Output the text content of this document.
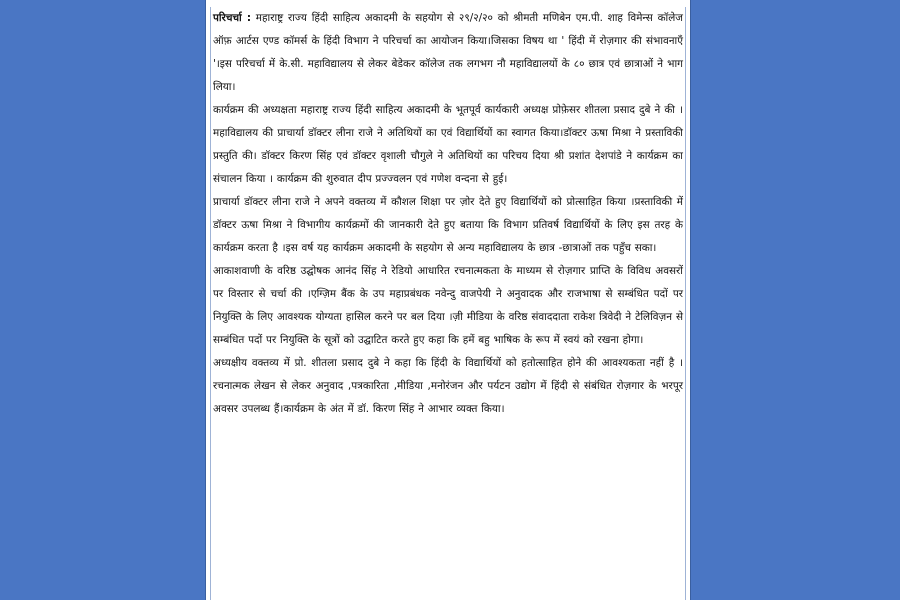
परिचर्चा : महाराष्ट्र राज्य हिंदी साहित्य अकादमी के सहयोग से २९/२/२० को श्रीमती मणिबेन एम.पी. शाह विमेन्स कॉलेज ऑफ़ आर्टस एण्ड कॉमर्स के हिंदी विभाग ने परिचर्चा का आयोजन किया।जिसका विषय था ' हिंदी में रोज़गार की संभावनाएँ '।इस परिचर्चा में के.सी. महाविद्यालय से लेकर बेडेकर कॉलेज तक लगभग नौ महाविद्यालयों के ८० छात्र एवं छात्राओं ने भाग लिया।

कार्यक्रम की अध्यक्षता महाराष्ट्र राज्य हिंदी साहित्य अकादमी के भूतपूर्व कार्यकारी अध्यक्ष प्रोफ़ेसर शीतला प्रसाद दुबे ने की ।महाविद्यालय की प्राचार्या डॉक्टर लीना राजे ने अतिथियों का एवं विद्यार्थियों का स्वागत किया।डॉक्टर ऊषा मिश्रा ने प्रस्ताविकी प्रस्तुति की। डॉक्टर किरण सिंह एवं डॉक्टर वृशाली चौगुले ने अतिथियों का परिचय दिया श्री प्रशांत देशपांडे ने कार्यक्रम का संचालन किया । कार्यक्रम की शुरुवात दीप प्रज्ज्वलन एवं गणेश वन्दना से हुई।

प्राचार्या डॉक्टर लीना राजे ने अपने वक्तव्य में कौशल शिक्षा पर ज़ोर देते हुए विद्यार्थियों को प्रोत्साहित किया ।प्रस्ताविकी में डॉक्टर ऊषा मिश्रा ने विभागीय कार्यक्रमों की जानकारी देते हुए बताया कि विभाग प्रतिवर्ष विद्यार्थियों के लिए इस तरह के कार्यक्रम करता है ।इस वर्ष यह कार्यक्रम अकादमी के सहयोग से अन्य महाविद्यालय के छात्र -छात्राओं तक पहुँच सका।

आकाशवाणी के वरिष्ठ उद्घोषक आनंद सिंह ने रेडियो आधारित रचनात्मकता के माध्यम से रोज़गार प्राप्ति के विविध अवसरों पर विस्तार से चर्चा की ।एग्ज़िम बैंक के उप महाप्रबंधक नवेन्दु वाजपेयी ने अनुवादक और राजभाषा से सम्बंधित पदों पर नियुक्ति के लिए आवश्यक योग्यता हासिल करने पर बल दिया ।ज़ी मीडिया के वरिष्ठ संवाददाता राकेश त्रिवेदी ने टेलिविज़न से सम्बंधित पदों पर नियुक्ति के सूत्रों को उद्घाटित करते हुए कहा कि हमें बहु भाषिक के रूप में स्वयं को रखना होगा।

अध्यक्षीय वक्तव्य में प्रो. शीतला प्रसाद दुबे ने कहा कि हिंदी के विद्यार्थियों को हतोत्साहित होने की आवश्यकता नहीं है ।रचनात्मक लेखन से लेकर अनुवाद ,पत्रकारिता ,मीडिया ,मनोरंजन और पर्यटन उद्योग में हिंदी से संबंधित रोज़गार के भरपूर अवसर उपलब्ध हैं।कार्यक्रम के अंत में डॉ. किरण सिंह ने आभार व्यक्त किया।
